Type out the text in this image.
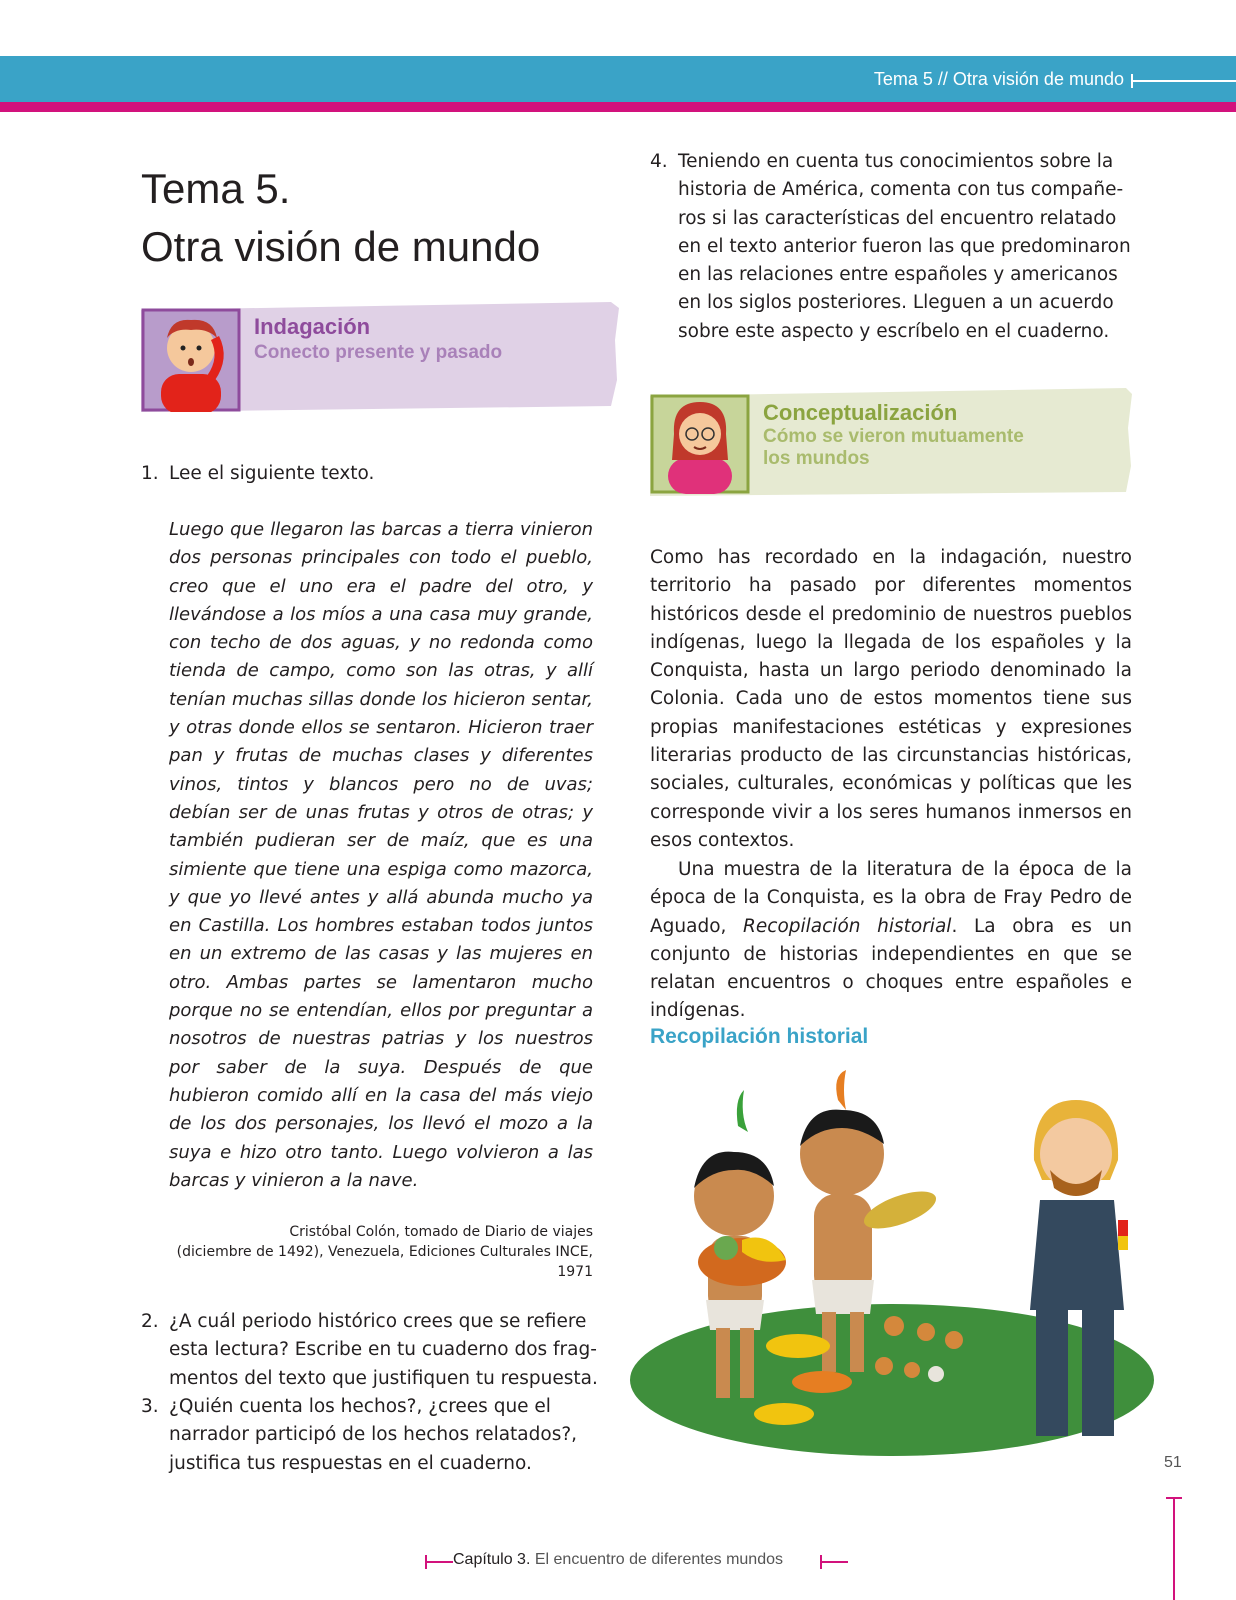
Tema 5 // Otra visión de mundo
Tema 5.
Otra visión de mundo
Indagación
Conecto presente y pasado
1. Lee el siguiente texto.
Luego que llegaron las barcas a tierra vinieron dos personas principales con todo el pueblo, creo que el uno era el padre del otro, y llevándose a los míos a una casa muy grande, con techo de dos aguas, y no redonda como tienda de campo, como son las otras, y allí tenían muchas sillas donde los hicieron sentar, y otras donde ellos se sentaron. Hicieron traer pan y frutas de muchas clases y diferentes vinos, tintos y blancos pero no de uvas; debían ser de unas frutas y otros de otras; y también pudieran ser de maíz, que es una simiente que tiene una espiga como mazorca, y que yo llevé antes y allá abunda mucho ya en Castilla. Los hombres estaban todos juntos en un extremo de las casas y las mujeres en otro. Ambas partes se lamentaron mucho porque no se entendían, ellos por preguntar a nosotros de nuestras patrias y los nuestros por saber de la suya. Después de que hubieron comido allí en la casa del más viejo de los dos personajes, los llevó el mozo a la suya e hizo otro tanto. Luego volvieron a las barcas y vinieron a la nave.
Cristóbal Colón, tomado de Diario de viajes
(diciembre de 1492), Venezuela, Ediciones Culturales INCE, 1971
2. ¿A cuál periodo histórico crees que se refiere
esta lectura? Escribe en tu cuaderno dos frag-
mentos del texto que justifiquen tu respuesta.
3. ¿Quién cuenta los hechos?, ¿crees que el
narrador participó de los hechos relatados?,
justifica tus respuestas en el cuaderno.
4. Teniendo en cuenta tus conocimientos sobre la
historia de América, comenta con tus compañe-
ros si las características del encuentro relatado
en el texto anterior fueron las que predominaron
en las relaciones entre españoles y americanos
en los siglos posteriores. Lleguen a un acuerdo
sobre este aspecto y escríbelo en el cuaderno.
Conceptualización
Cómo se vieron mutuamente
los mundos
Como has recordado en la indagación, nuestro territorio ha pasado por diferentes momentos históricos desde el predominio de nuestros pueblos indígenas, luego la llegada de los españoles y la Conquista, hasta un largo periodo denominado la Colonia. Cada uno de estos momentos tiene sus propias manifestaciones estéticas y expresiones literarias producto de las circunstancias históricas, sociales, culturales, económicas y políticas que les corresponde vivir a los seres humanos inmersos en esos contextos.
Una muestra de la literatura de la época de la época de la Conquista, es la obra de Fray Pedro de Aguado, Recopilación historial. La obra es un conjunto de historias independientes en que se relatan encuentros o choques entre españoles e indígenas.
Recopilación historial
51
Capítulo 3. El encuentro de diferentes mundos
